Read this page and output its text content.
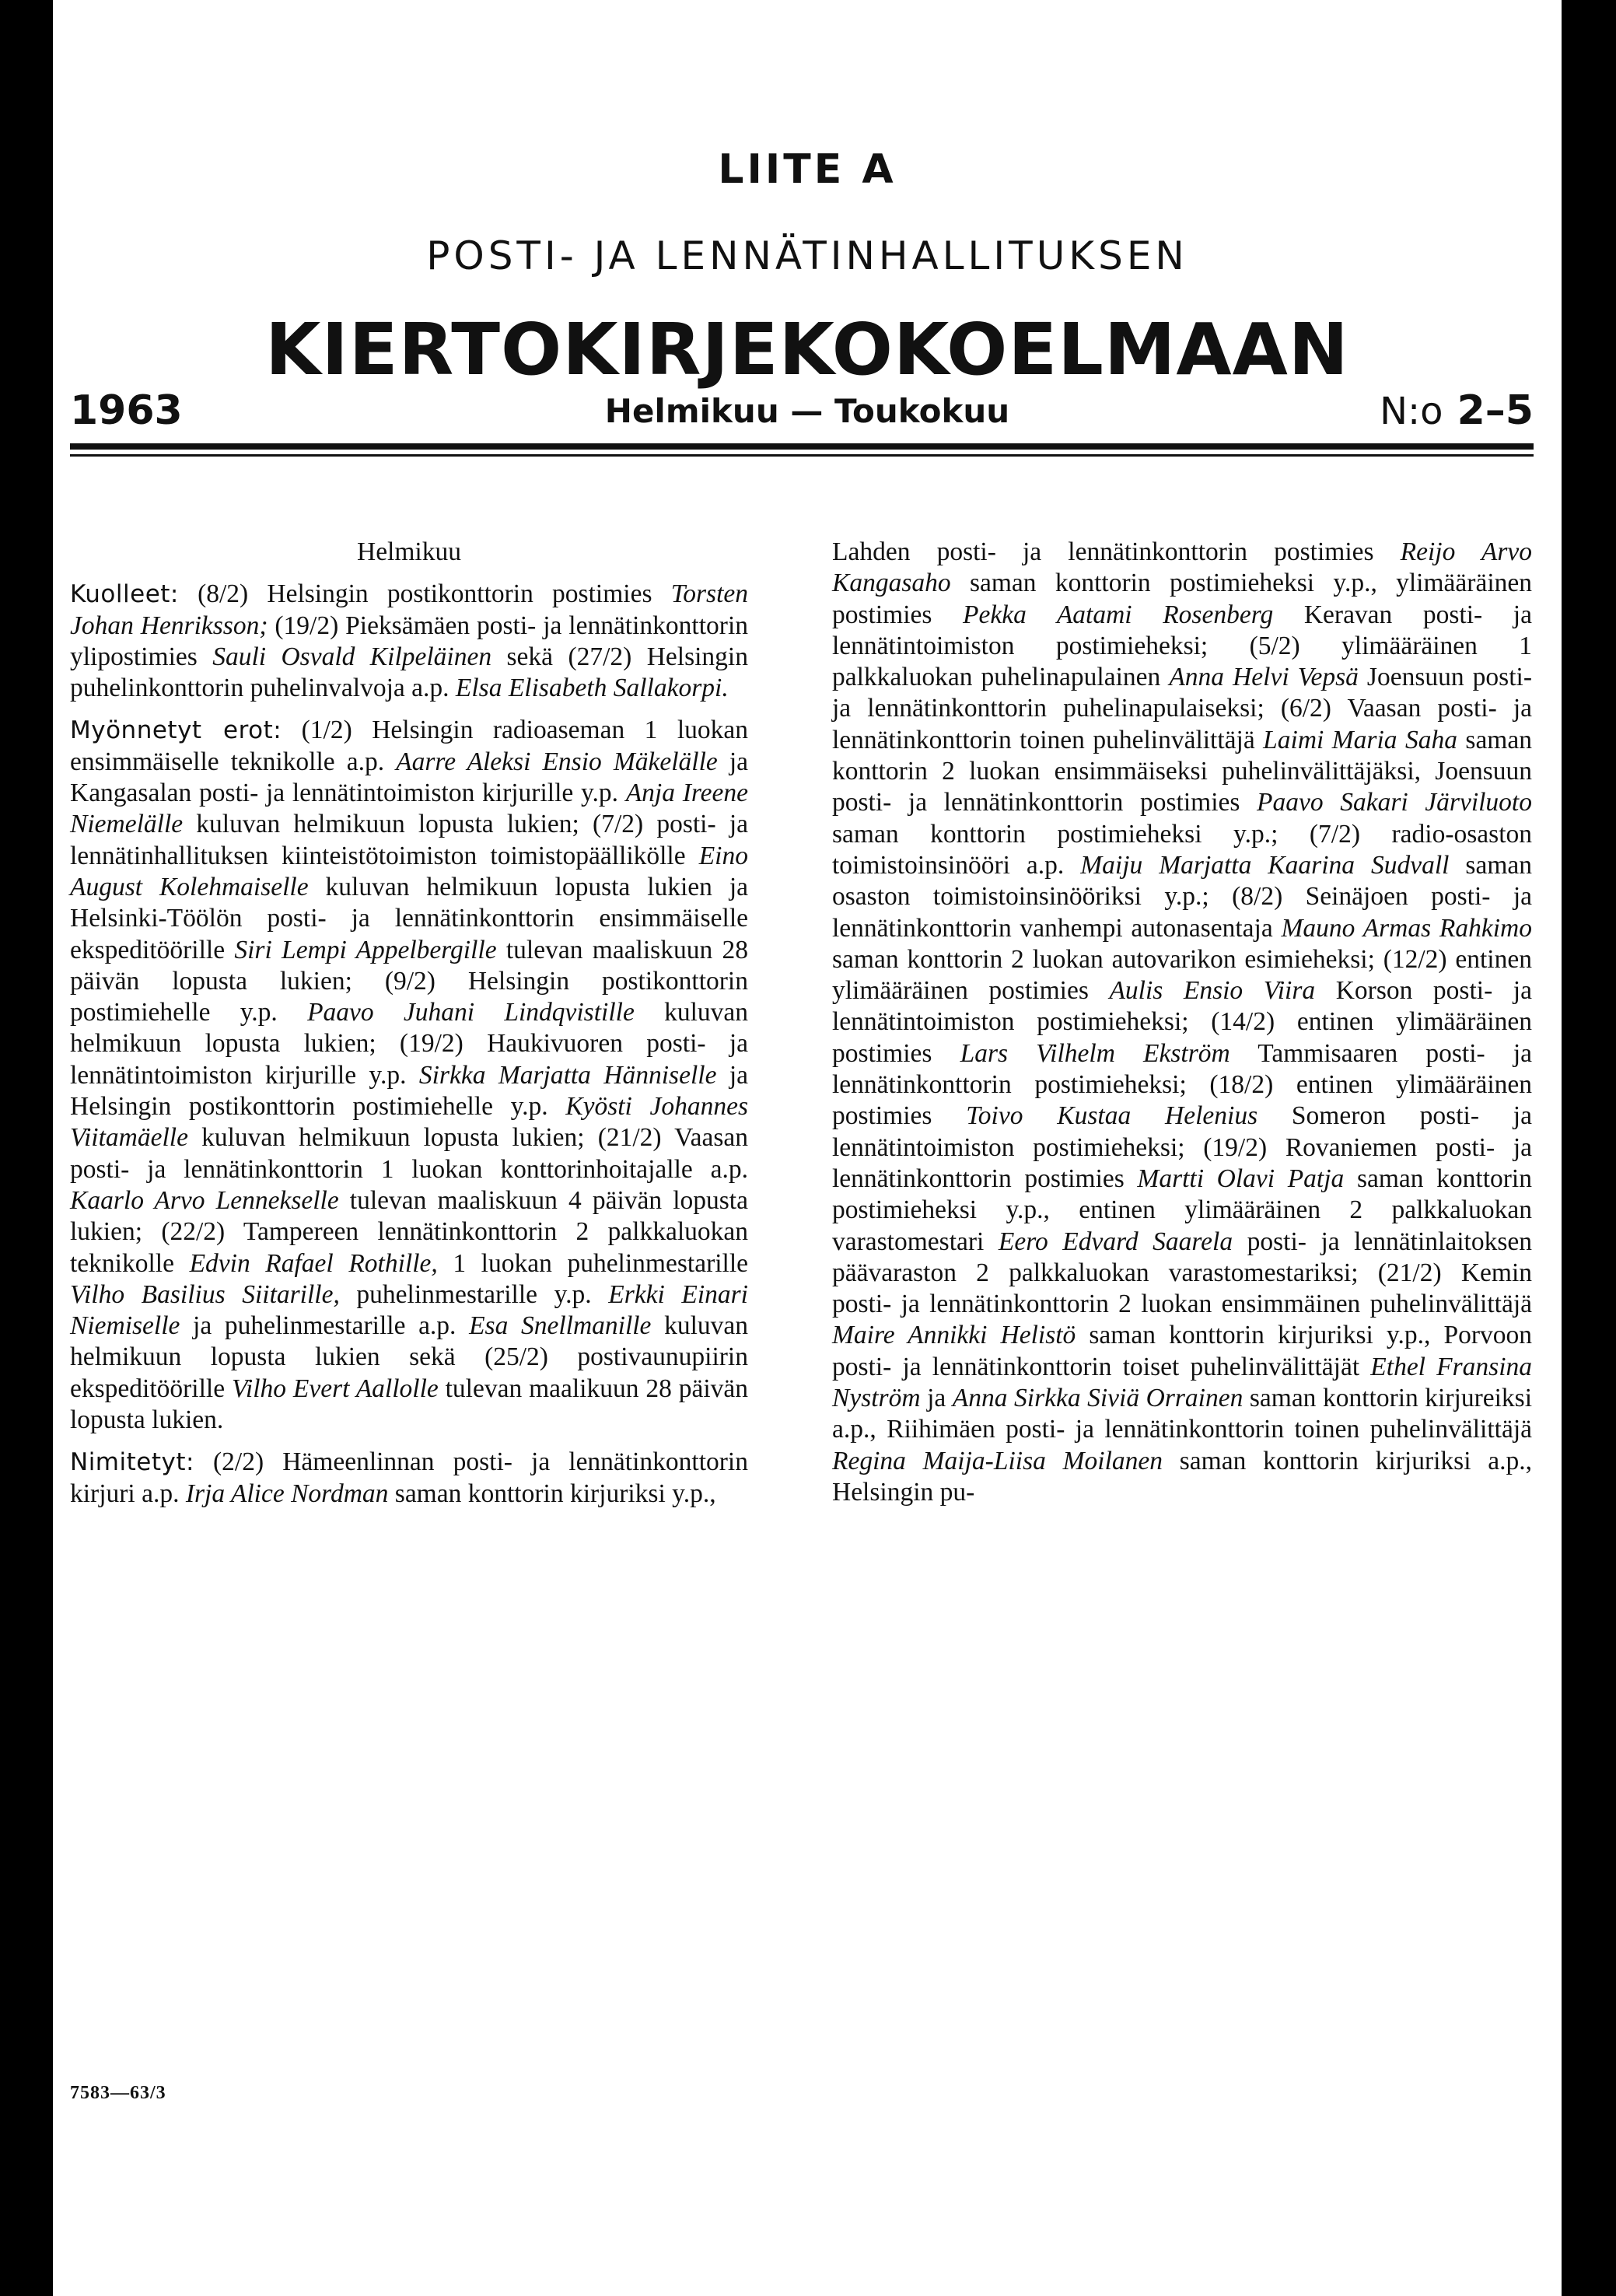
LIITE A
POSTI- JA LENNÄTINHALLITUKSEN
KIERTOKIRJEKOKOELMAAN
1963	Helmikuu — Toukokuu	N:o 2–5

Helmikuu

Kuolleet: (8/2) Helsingin postikonttorin postimies Torsten Johan Henriksson; (19/2) Pieksämäen posti- ja lennätinkonttorin ylipostimies Sauli Osvald Kilpeläinen sekä (27/2) Helsingin puhelinkonttorin puhelinvalvoja a.p. Elsa Elisabeth Sallakorpi.

Myönnetyt erot: (1/2) Helsingin radioaseman 1 luokan ensimmäiselle teknikolle a.p. Aarre Aleksi Ensio Mäkelälle ja Kangasalan posti- ja lennätintoimiston kirjurille y.p. Anja Ireene Niemelälle kuluvan helmikuun lopusta lukien; (7/2) posti- ja lennätinhallituksen kiinteistötoimiston toimistopäällikölle Eino August Kolehmaiselle kuluvan helmikuun lopusta lukien ja Helsinki-Töölön posti- ja lennätinkonttorin ensimmäiselle ekspeditöörille Siri Lempi Appelbergille tulevan maaliskuun 28 päivän lopusta lukien; (9/2) Helsingin postikonttorin postimiehelle y.p. Paavo Juhani Lindqvistille kuluvan helmikuun lopusta lukien; (19/2) Haukivuoren posti- ja lennätintoimiston kirjurille y.p. Sirkka Marjatta Hänniselle ja Helsingin postikonttorin postimiehelle y.p. Kyösti Johannes Viitamäelle kuluvan helmikuun lopusta lukien; (21/2) Vaasan posti- ja lennätinkonttorin 1 luokan konttorinhoitajalle a.p. Kaarlo Arvo Lennekselle tulevan maaliskuun 4 päivän lopusta lukien; (22/2) Tampereen lennätinkonttorin 2 palkkaluokan teknikolle Edvin Rafael Rothille, 1 luokan puhelinmestarille Vilho Basilius Siitarille, puhelinmestarille y.p. Erkki Einari Niemiselle ja puhelinmestarille a.p. Esa Snellmanille kuluvan helmikuun lopusta lukien sekä (25/2) postivaunupiirin ekspeditöörille Vilho Evert Aallolle tulevan maalikuun 28 päivän lopusta lukien.

Nimitetyt: (2/2) Hämeenlinnan posti- ja lennätinkonttorin kirjuri a.p. Irja Alice Nordman saman konttorin kirjuriksi y.p.,

Lahden posti- ja lennätinkonttorin postimies Reijo Arvo Kangasaho saman konttorin postimieheksi y.p., ylimääräinen postimies Pekka Aatami Rosenberg Keravan posti- ja lennätintoimiston postimieheksi; (5/2) ylimääräinen 1 palkkaluokan puhelinapulainen Anna Helvi Vepsä Joensuun posti- ja lennätinkonttorin puhelinapulaiseksi; (6/2) Vaasan posti- ja lennätinkonttorin toinen puhelinvälittäjä Laimi Maria Saha saman konttorin 2 luokan ensimmäiseksi puhelinvälittäjäksi, Joensuun posti- ja lennätinkonttorin postimies Paavo Sakari Järviluoto saman konttorin postimieheksi y.p.; (7/2) radio-osaston toimistoinsinööri a.p. Maiju Marjatta Kaarina Sudvall saman osaston toimistoinsinööriksi y.p.; (8/2) Seinäjoen posti- ja lennätinkonttorin vanhempi autonasentaja Mauno Armas Rahkimo saman konttorin 2 luokan autovarikon esimieheksi; (12/2) entinen ylimääräinen postimies Aulis Ensio Viira Korson posti- ja lennätintoimiston postimieheksi; (14/2) entinen ylimääräinen postimies Lars Vilhelm Ekström Tammisaaren posti- ja lennätinkonttorin postimieheksi; (18/2) entinen ylimääräinen postimies Toivo Kustaa Helenius Someron posti- ja lennätintoimiston postimieheksi; (19/2) Rovaniemen posti- ja lennätinkonttorin postimies Martti Olavi Patja saman konttorin postimieheksi y.p., entinen ylimääräinen 2 palkkaluokan varastomestari Eero Edvard Saarela posti- ja lennätinlaitoksen päävaraston 2 palkkaluokan varastomestariksi; (21/2) Kemin posti- ja lennätinkonttorin 2 luokan ensimmäinen puhelinvälittäjä Maire Annikki Helistö saman konttorin kirjuriksi y.p., Porvoon posti- ja lennätinkonttorin toiset puhelinvälittäjät Ethel Fransina Nyström ja Anna Sirkka Siviä Orrainen saman konttorin kirjureiksi a.p., Riihimäen posti- ja lennätinkonttorin toinen puhelinvälittäjä Regina Maija-Liisa Moilanen saman konttorin kirjuriksi a.p., Helsingin pu-

7583—63/3
